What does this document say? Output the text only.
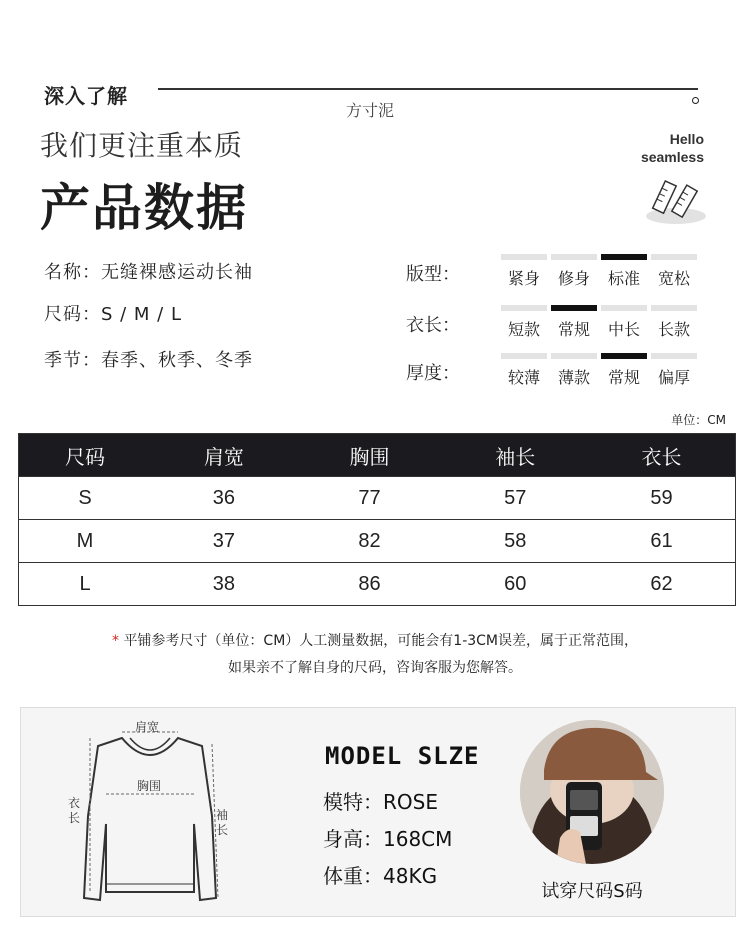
深入了解
方寸泥
我们更注重本质
产品数据
Hello
seamless
名称：无缝裸感运动长袖
尺码：S / M / L
季节：春季、秋季、冬季
版型：	紧身	修身	标准	宽松
衣长：	短款	常规	中长	长款
厚度：	较薄	薄款	常规	偏厚
单位：CM
尺码	肩宽	胸围	袖长	衣长
S	36	77	57	59
M	37	82	58	61
L	38	86	60	62
* 平铺参考尺寸（单位：CM）人工测量数据，可能会有1-3CM误差，属于正常范围，
如果亲不了解自身的尺码，咨询客服为您解答。
肩宽
胸围
衣长	袖长
MODEL SLZE
模特：ROSE
身高：168CM
体重：48KG
试穿尺码S码
